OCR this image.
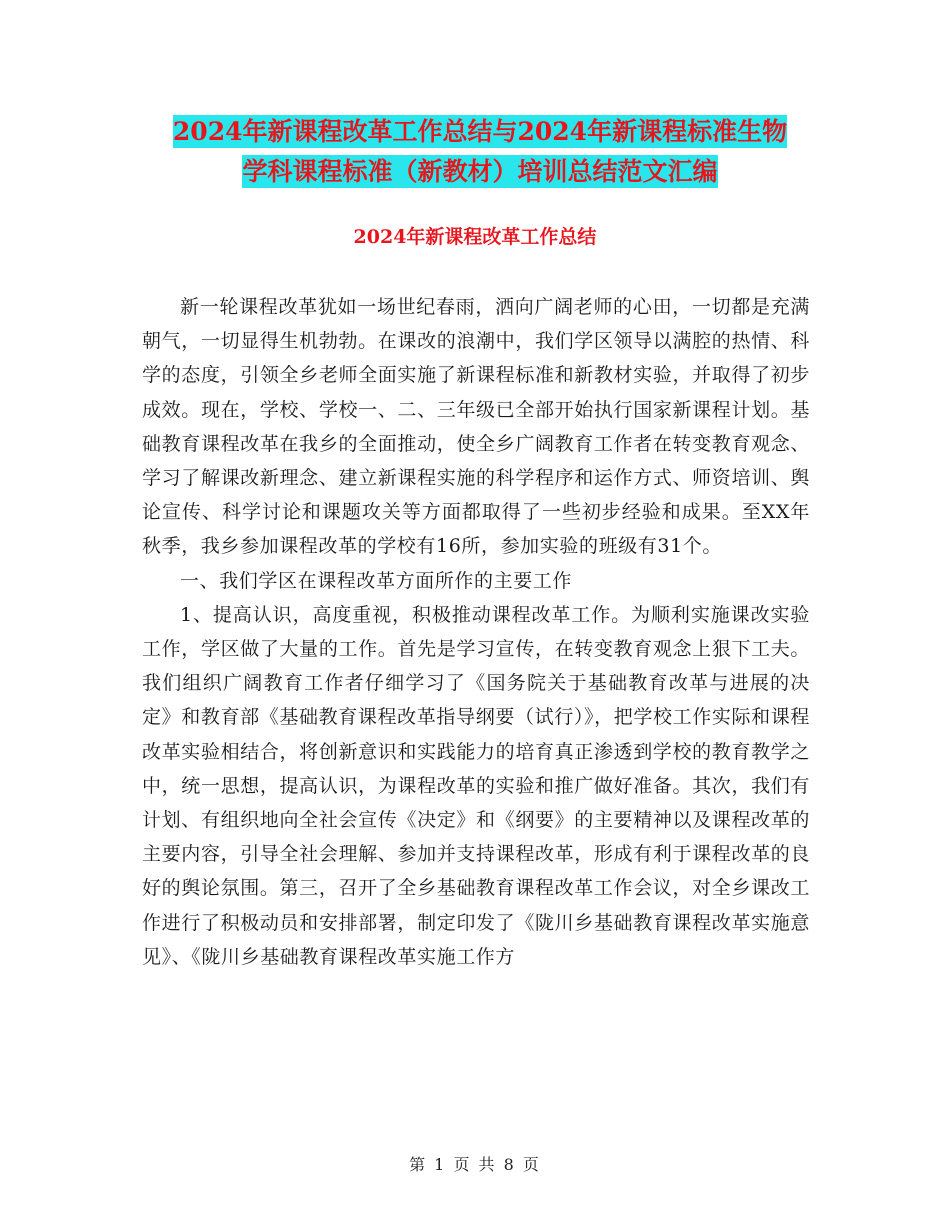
2024年新课程改革工作总结与2024年新课程标准生物
学科课程标准（新教材）培训总结范文汇编
2024年新课程改革工作总结

新一轮课程改革犹如一场世纪春雨，洒向广阔老师的心田，一切都是充满朝气，一切显得生机勃勃。在课改的浪潮中，我们学区领导以满腔的热情、科学的态度，引领全乡老师全面实施了新课程标准和新教材实验，并取得了初步成效。现在，学校、学校一、二、三年级已全部开始执行国家新课程计划。基础教育课程改革在我乡的全面推动，使全乡广阔教育工作者在转变教育观念、学习了解课改新理念、建立新课程实施的科学程序和运作方式、师资培训、舆论宣传、科学讨论和课题攻关等方面都取得了一些初步经验和成果。至XX年秋季，我乡参加课程改革的学校有16所，参加实验的班级有31个。

一、我们学区在课程改革方面所作的主要工作

1、提高认识，高度重视，积极推动课程改革工作。为顺利实施课改实验工作，学区做了大量的工作。首先是学习宣传，在转变教育观念上狠下工夫。我们组织广阔教育工作者仔细学习了《国务院关于基础教育改革与进展的决定》和教育部《基础教育课程改革指导纲要（试行）》，把学校工作实际和课程改革实验相结合，将创新意识和实践能力的培育真正渗透到学校的教育教学之中，统一思想，提高认识，为课程改革的实验和推广做好准备。其次，我们有计划、有组织地向全社会宣传《决定》和《纲要》的主要精神以及课程改革的主要内容，引导全社会理解、参加并支持课程改革，形成有利于课程改革的良好的舆论氛围。第三，召开了全乡基础教育课程改革工作会议，对全乡课改工作进行了积极动员和安排部署，制定印发了《陇川乡基础教育课程改革实施意见》、《陇川乡基础教育课程改革实施工作方

第 1 页 共 8 页
